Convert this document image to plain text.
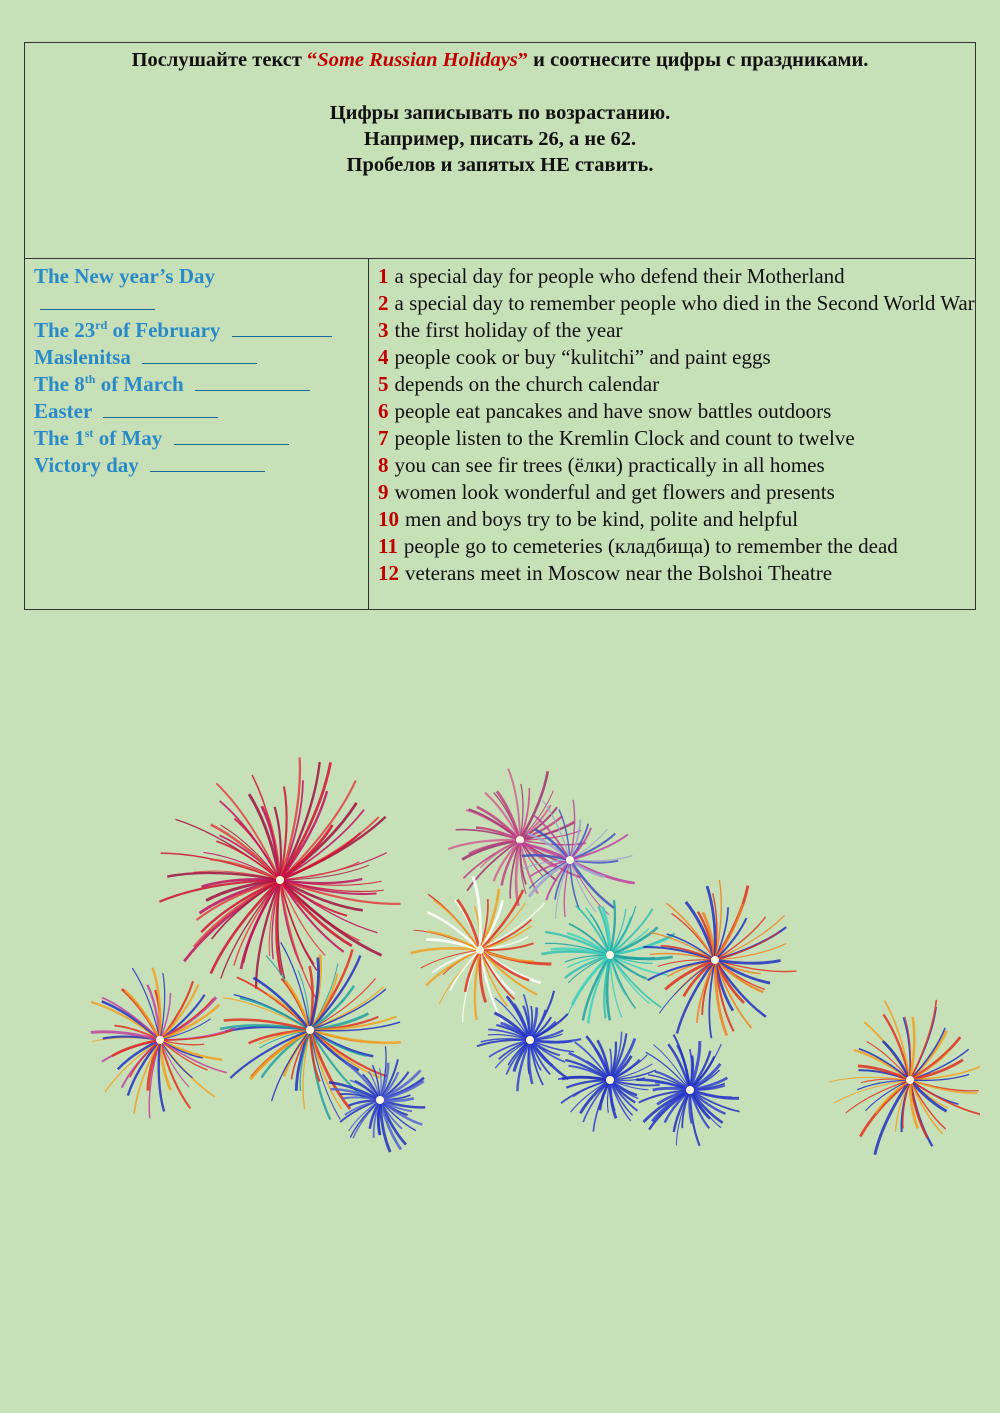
Послушайте текст “Some Russian Holidays” и соотнесите цифры с праздниками.

Цифры записывать по возрастанию.

Например, писать 26, а не 62.

Пробелов и запятых НЕ ставить.

The New year’s Day
The 23rd of February
Maslenitsa
The 8th of March
Easter
The 1st of May
Victory day
1 a special day for people who defend their Motherland
2 a special day to remember people who died in the Second World War
3 the first holiday of the year
4 people cook or buy “kulitchi” and paint eggs
5 depends on the church calendar
6 people eat pancakes and have snow battles outdoors
7 people listen to the Kremlin Clock and count to twelve
8 you can see fir trees (ёлки) practically in all homes
9 women look wonderful and get flowers and presents
10 men and boys try to be kind, polite and helpful
11 people go to cemeteries (кладбища) to remember the dead
12 veterans meet in Moscow near the Bolshoi Theatre
